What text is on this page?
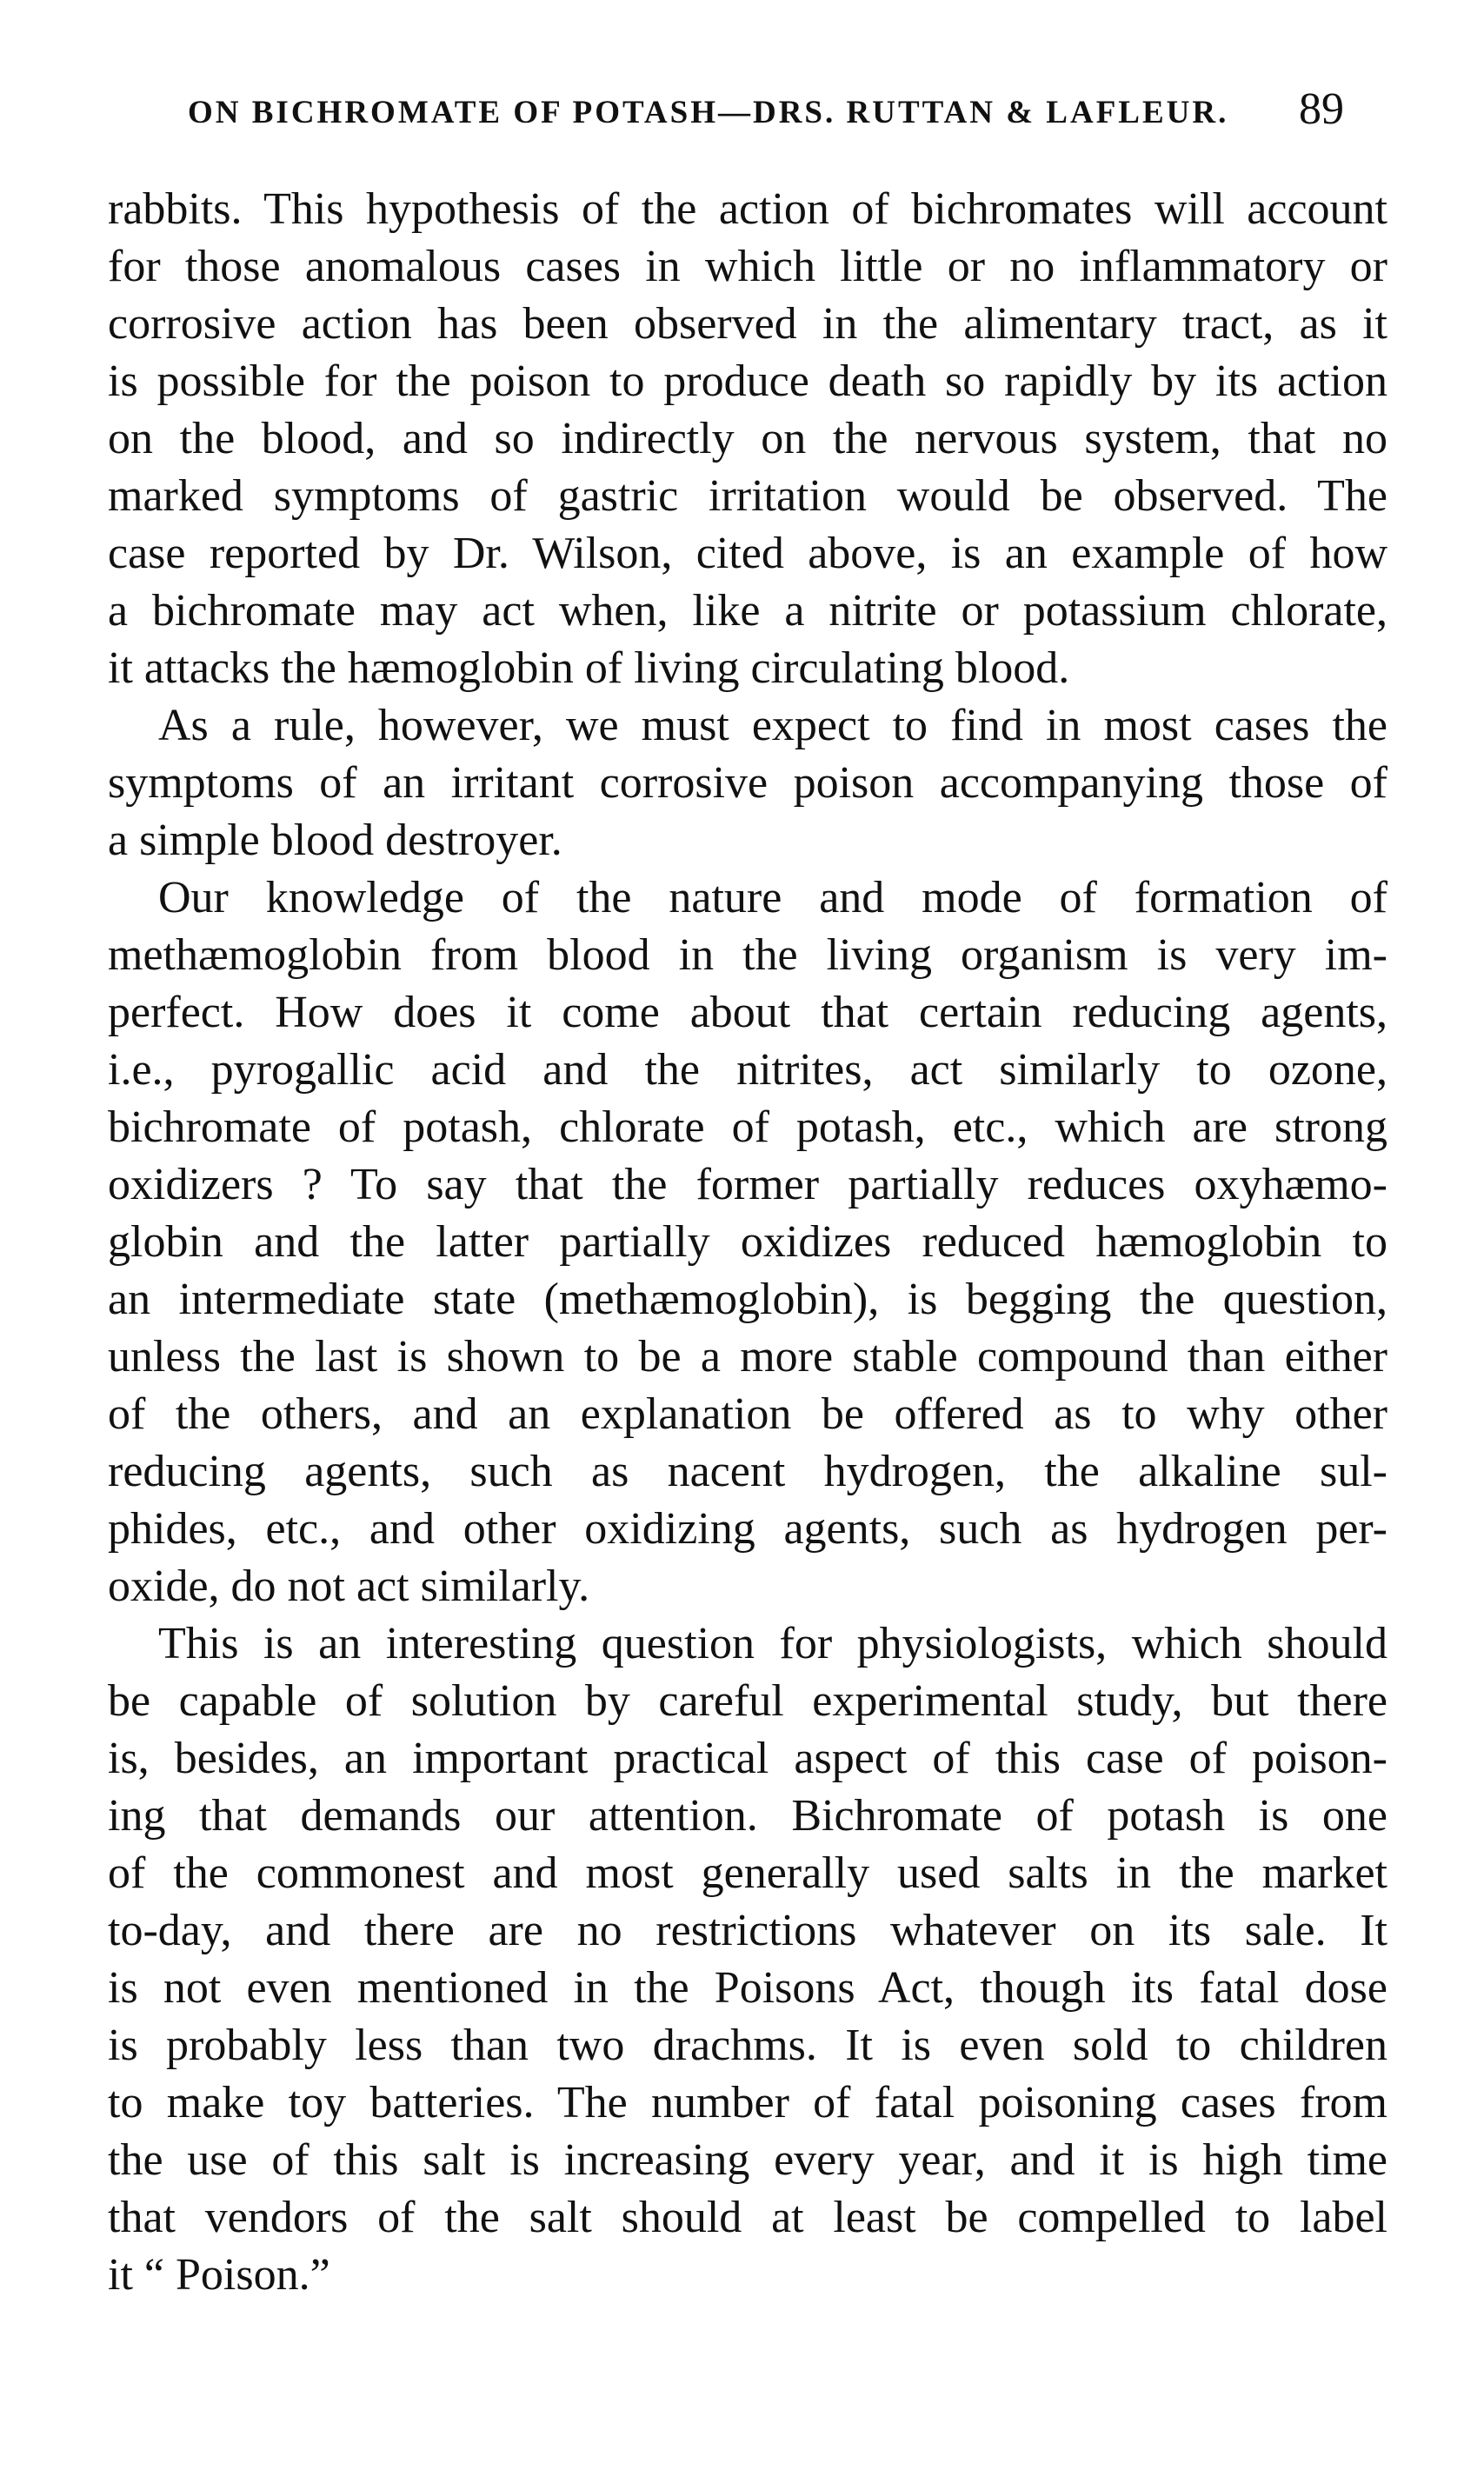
ON BICHROMATE OF POTASH—DRS. RUTTAN & LAFLEUR. 89
rabbits. This hypothesis of the action of bichromates will account
for those anomalous cases in which little or no inflammatory or
corrosive action has been observed in the alimentary tract, as it
is possible for the poison to produce death so rapidly by its action
on the blood, and so indirectly on the nervous system, that no
marked symptoms of gastric irritation would be observed. The
case reported by Dr. Wilson, cited above, is an example of how
a bichromate may act when, like a nitrite or potassium chlorate,
it attacks the hæmoglobin of living circulating blood.
As a rule, however, we must expect to find in most cases the
symptoms of an irritant corrosive poison accompanying those of
a simple blood destroyer.
Our knowledge of the nature and mode of formation of
methæmoglobin from blood in the living organism is very im-
perfect. How does it come about that certain reducing agents,
i.e., pyrogallic acid and the nitrites, act similarly to ozone,
bichromate of potash, chlorate of potash, etc., which are strong
oxidizers ? To say that the former partially reduces oxyhæmo-
globin and the latter partially oxidizes reduced hæmoglobin to
an intermediate state (methæmoglobin), is begging the question,
unless the last is shown to be a more stable compound than either
of the others, and an explanation be offered as to why other
reducing agents, such as nacent hydrogen, the alkaline sul-
phides, etc., and other oxidizing agents, such as hydrogen per-
oxide, do not act similarly.
This is an interesting question for physiologists, which should
be capable of solution by careful experimental study, but there
is, besides, an important practical aspect of this case of poison-
ing that demands our attention. Bichromate of potash is one
of the commonest and most generally used salts in the market
to-day, and there are no restrictions whatever on its sale. It
is not even mentioned in the Poisons Act, though its fatal dose
is probably less than two drachms. It is even sold to children
to make toy batteries. The number of fatal poisoning cases from
the use of this salt is increasing every year, and it is high time
that vendors of the salt should at least be compelled to label
it “ Poison.”
